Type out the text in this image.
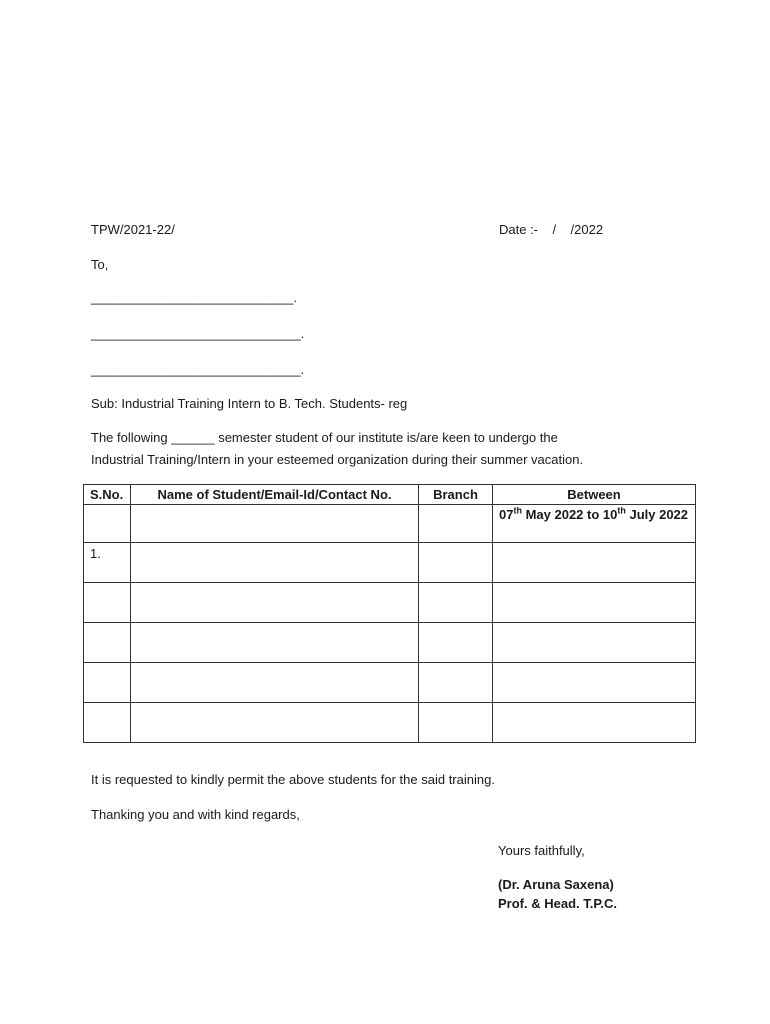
TPW/2021-22/	Date :-    /    /2022
To,
____________________________.
_____________________________.
_____________________________.
Sub: Industrial Training Intern to B. Tech. Students- reg
The following ______ semester student of our institute is/are keen to undergo the
Industrial Training/Intern in your esteemed organization during their summer vacation.
S.No.	Name of Student/Email-Id/Contact No.	Branch	Between

			07th May 2022 to 10th July 2022

1.			

It is requested to kindly permit the above students for the said training.
Thanking you and with kind regards,
Yours faithfully,
(Dr. Aruna Saxena)
Prof. & Head. T.P.C.
